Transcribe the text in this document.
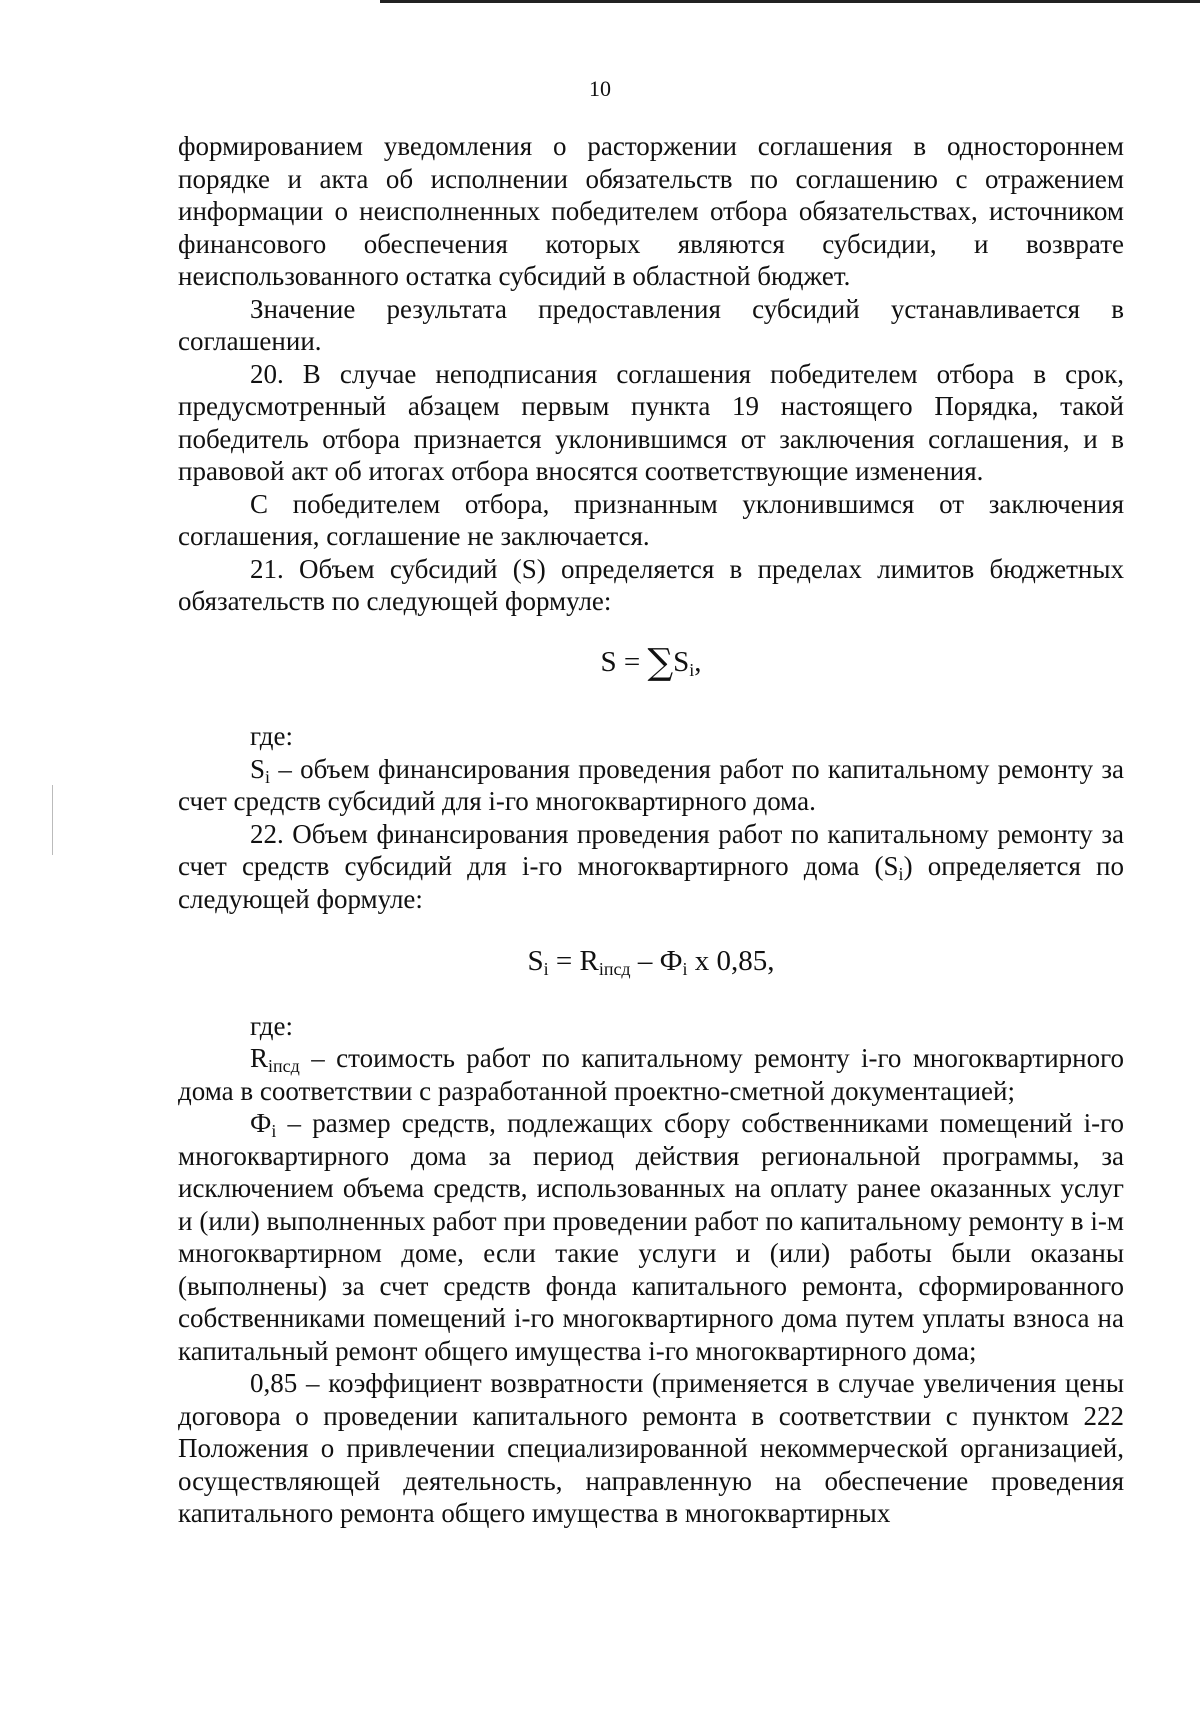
10

формированием уведомления о расторжении соглашения в одностороннем порядке и акта об исполнении обязательств по соглашению с отражением информации о неисполненных победителем отбора обязательствах, источником финансового обеспечения которых являются субсидии, и возврате неиспользованного остатка субсидий в областной бюджет.

Значение результата предоставления субсидий устанавливается в соглашении.

20. В случае неподписания соглашения победителем отбора в срок, предусмотренный абзацем первым пункта 19 настоящего Порядка, такой победитель отбора признается уклонившимся от заключения соглашения, и в правовой акт об итогах отбора вносятся соответствующие изменения.

С победителем отбора, признанным уклонившимся от заключения соглашения, соглашение не заключается.

21. Объем субсидий (S) определяется в пределах лимитов бюджетных обязательств по следующей формуле:

$S = \sum S_i$,

где:

$S_i$ – объем финансирования проведения работ по капитальному ремонту за счет средств субсидий для i-го многоквартирного дома.

22. Объем финансирования проведения работ по капитальному ремонту за счет средств субсидий для i-го многоквартирного дома $(S_i)$ определяется по следующей формуле:

$S_i = R_{iпсд} - Ф_i$ х 0,85,

где:

$R_{iпсд}$ – стоимость работ по капитальному ремонту i-го многоквартирного дома в соответствии с разработанной проектно-сметной документацией;

$Ф_i$ – размер средств, подлежащих сбору собственниками помещений i-го многоквартирного дома за период действия региональной программы, за исключением объема средств, использованных на оплату ранее оказанных услуг и (или) выполненных работ при проведении работ по капитальному ремонту в i-м многоквартирном доме, если такие услуги и (или) работы были оказаны (выполнены) за счет средств фонда капитального ремонта, сформированного собственниками помещений i-го многоквартирного дома путем уплаты взноса на капитальный ремонт общего имущества i-го многоквартирного дома;

0,85 – коэффициент возвратности (применяется в случае увеличения цены договора о проведении капитального ремонта в соответствии с пунктом 222 Положения о привлечении специализированной некоммерческой организацией, осуществляющей деятельность, направленную на обеспечение проведения капитального ремонта общего имущества в многоквартирных
